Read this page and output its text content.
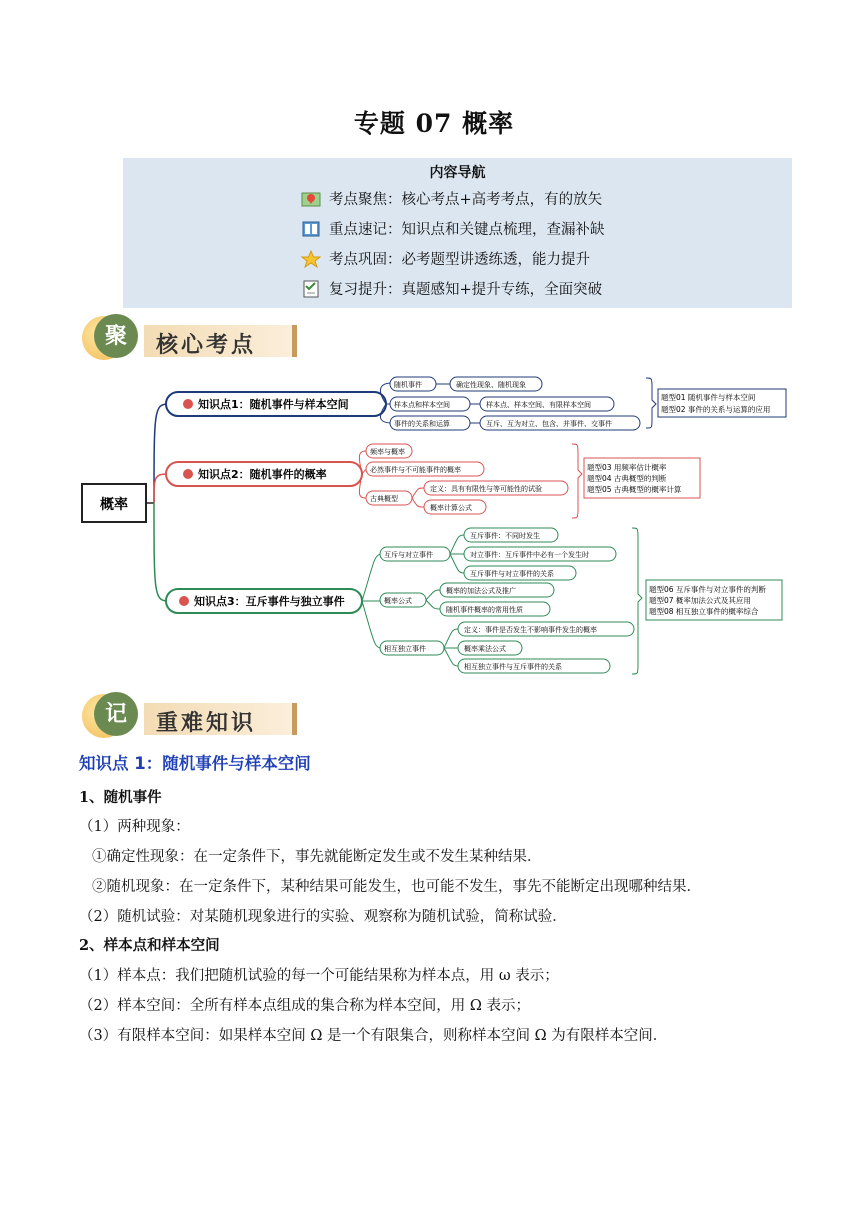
专题 07 概率
内容导航
考点聚焦：核心考点+高考考点，有的放矢
重点速记：知识点和关键点梳理，查漏补缺
考点巩固：必考题型讲透练透，能力提升
复习提升：真题感知+提升专练，全面突破
聚	核心考点
概率
知识点1：随机事件与样本空间
随机事件	确定性现象、随机现象
样本点和样本空间	样本点、样本空间、有限样本空间
事件的关系和运算	互斥、互为对立、包含、并事件、交事件
题型01 随机事件与样本空间
题型02 事件的关系与运算的应用
知识点2：随机事件的概率
频率与概率
必然事件与不可能事件的概率
古典概型
定义：具有有限性与等可能性的试验
概率计算公式
题型03 用频率估计概率
题型04 古典概型的判断
题型05 古典概型的概率计算
知识点3：互斥事件与独立事件
互斥与对立事件
互斥事件：不同时发生
对立事件：互斥事件中必有一个发生时
互斥事件与对立事件的关系
概率公式
概率的加法公式及推广
随机事件概率的常用性质
相互独立事件
定义：事件是否发生不影响事件发生的概率
概率乘法公式
相互独立事件与互斥事件的关系
题型06 互斥事件与对立事件的判断
题型07 概率加法公式及其应用
题型08 相互独立事件的概率综合
记	重难知识
知识点 1：随机事件与样本空间
1、随机事件
（1）两种现象：
①确定性现象：在一定条件下，事先就能断定发生或不发生某种结果．
②随机现象：在一定条件下，某种结果可能发生，也可能不发生，事先不能断定出现哪种结果．
（2）随机试验：对某随机现象进行的实验、观察称为随机试验，简称试验．
2、样本点和样本空间
（1）样本点：我们把随机试验的每一个可能结果称为样本点，用 ω 表示；
（2）样本空间：全所有样本点组成的集合称为样本空间，用 Ω 表示；
（3）有限样本空间：如果样本空间 Ω 是一个有限集合，则称样本空间 Ω 为有限样本空间．
